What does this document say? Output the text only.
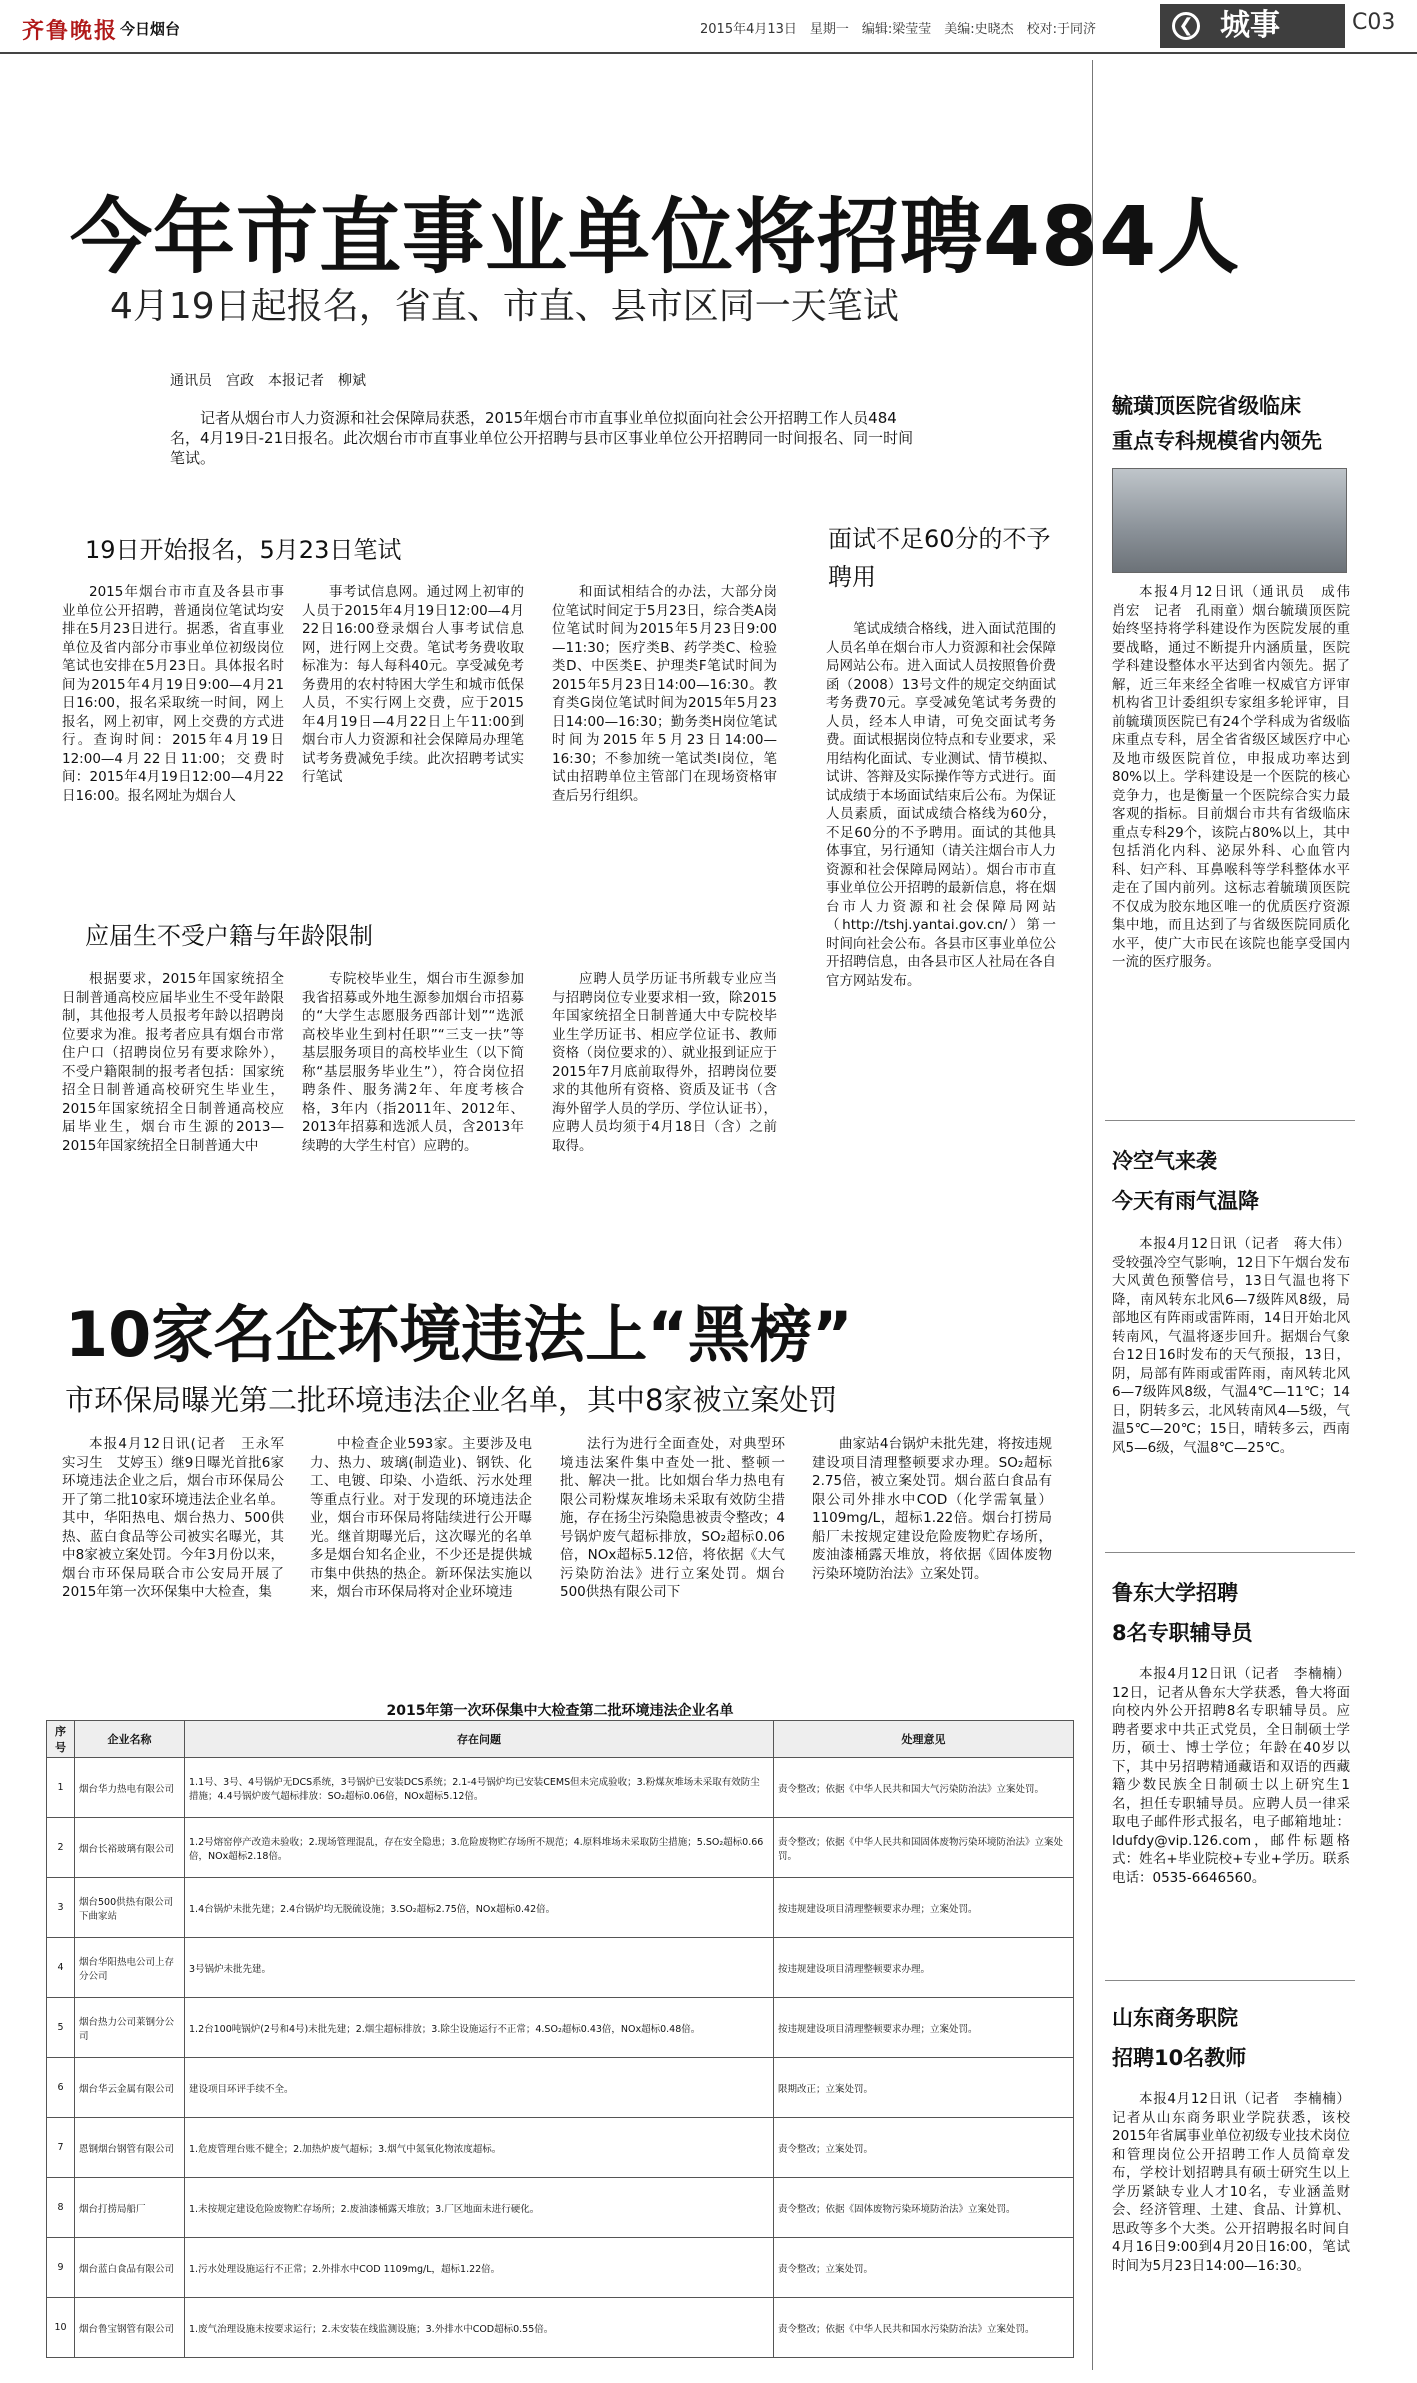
齐鲁晚报 今日烟台	2015年4月13日　星期一　编辑:梁莹莹　美编:史晓杰　校对:于同济	城事
❮	C03
今年市直事业单位将招聘484人
4月19日起报名，省直、市直、县市区同一天笔试
通讯员　宫政　本报记者　柳斌
记者从烟台市人力资源和社会保障局获悉，2015年烟台市市直事业单位拟面向社会公开招聘工作人员484名，4月19日-21日报名。此次烟台市市直事业单位公开招聘与县市区事业单位公开招聘同一时间报名、同一时间笔试。
19日开始报名，5月23日笔试	面试不足60分的不予聘用
2015年烟台市市直及各县市事业单位公开招聘，普通岗位笔试均安排在5月23日进行。据悉，省直事业单位及省内部分市事业单位初级岗位笔试也安排在5月23日。具体报名时间为2015年4月19日9:00—4月21日16:00，报名采取统一时间，网上报名，网上初审，网上交费的方式进行。查询时间：2015年4月19日12:00—4月22日11:00；交费时间：2015年4月19日12:00—4月22日16:00。报名网址为烟台人
事考试信息网。通过网上初审的人员于2015年4月19日12:00—4月22日16:00登录烟台人事考试信息网，进行网上交费。笔试考务费收取标准为：每人每科40元。享受减免考务费用的农村特困大学生和城市低保人员，不实行网上交费，应于2015年4月19日—4月22日上午11:00到烟台市人力资源和社会保障局办理笔试考务费减免手续。此次招聘考试实行笔试
和面试相结合的办法，大部分岗位笔试时间定于5月23日，综合类A岗位笔试时间为2015年5月23日9:00—11:30；医疗类B、药学类C、检验类D、中医类E、护理类F笔试时间为2015年5月23日14:00—16:30。教育类G岗位笔试时间为2015年5月23日14:00—16:30；勤务类H岗位笔试时间为2015年5月23日14:00—16:30；不参加统一笔试类I岗位，笔试由招聘单位主管部门在现场资格审查后另行组织。
笔试成绩合格线，进入面试范围的人员名单在烟台市人力资源和社会保障局网站公布。进入面试人员按照鲁价费函（2008）13号文件的规定交纳面试考务费70元。享受减免笔试考务费的人员，经本人申请，可免交面试考务费。面试根据岗位特点和专业要求，采用结构化面试、专业测试、情节模拟、试讲、答辩及实际操作等方式进行。面试成绩于本场面试结束后公布。为保证人员素质，面试成绩合格线为60分，不足60分的不予聘用。面试的其他具体事宜，另行通知（请关注烟台市人力资源和社会保障局网站）。烟台市市直事业单位公开招聘的最新信息，将在烟台市人力资源和社会保障局网站（http://tshj.yantai.gov.cn/）第一时间向社会公布。各县市区事业单位公开招聘信息，由各县市区人社局在各自官方网站发布。
应届生不受户籍与年龄限制
根据要求，2015年国家统招全日制普通高校应届毕业生不受年龄限制，其他报考人员报考年龄以招聘岗位要求为准。报考者应具有烟台市常住户口（招聘岗位另有要求除外），不受户籍限制的报考者包括：国家统招全日制普通高校研究生毕业生，2015年国家统招全日制普通高校应届毕业生，烟台市生源的2013—2015年国家统招全日制普通大中
专院校毕业生，烟台市生源参加我省招募或外地生源参加烟台市招募的“大学生志愿服务西部计划”“选派高校毕业生到村任职”“三支一扶”等基层服务项目的高校毕业生（以下简称“基层服务毕业生”），符合岗位招聘条件、服务满2年、年度考核合格，3年内（指2011年、2012年、2013年招募和选派人员，含2013年续聘的大学生村官）应聘的。
应聘人员学历证书所载专业应当与招聘岗位专业要求相一致，除2015年国家统招全日制普通大中专院校毕业生学历证书、相应学位证书、教师资格（岗位要求的）、就业报到证应于2015年7月底前取得外，招聘岗位要求的其他所有资格、资质及证书（含海外留学人员的学历、学位认证书），应聘人员均须于4月18日（含）之前取得。
10家名企环境违法上“黑榜”
市环保局曝光第二批环境违法企业名单，其中8家被立案处罚
本报4月12日讯(记者　王永军　实习生　艾婷玉）继9日曝光首批6家环境违法企业之后，烟台市环保局公开了第二批10家环境违法企业名单。其中，华阳热电、烟台热力、500供热、蓝白食品等公司被实名曝光，其中8家被立案处罚。今年3月份以来，烟台市环保局联合市公安局开展了2015年第一次环保集中大检查，集
中检查企业593家。主要涉及电力、热力、玻璃(制造业)、钢铁、化工、电镀、印染、小造纸、污水处理等重点行业。对于发现的环境违法企业，烟台市环保局将陆续进行公开曝光。继首期曝光后，这次曝光的名单多是烟台知名企业，不少还是提供城市集中供热的热企。新环保法实施以来，烟台市环保局将对企业环境违
法行为进行全面查处，对典型环境违法案件集中查处一批、整顿一批、解决一批。比如烟台华力热电有限公司粉煤灰堆场未采取有效防尘措施，存在扬尘污染隐患被责令整改；4号锅炉废气超标排放，SO₂超标0.06倍，NOx超标5.12倍，将依据《大气污染防治法》进行立案处罚。烟台500供热有限公司下
曲家站4台锅炉未批先建，将按违规建设项目清理整顿要求办理。SO₂超标2.75倍，被立案处罚。烟台蓝白食品有限公司外排水中COD（化学需氧量）1109mg/L，超标1.22倍。烟台打捞局船厂未按规定建设危险废物贮存场所，废油漆桶露天堆放，将依据《固体废物污染环境防治法》立案处罚。
2015年第一次环保集中大检查第二批环境违法企业名单
序号	企业名称	存在问题	处理意见
1	烟台华力热电有限公司	1.1号、3号、4号锅炉无DCS系统，3号锅炉已安装DCS系统；2.1-4号锅炉均已安装CEMS但未完成验收；3.粉煤灰堆场未采取有效防尘措施；4.4号锅炉废气超标排放：SO₂超标0.06倍，NOx超标5.12倍。	责令整改；依据《中华人民共和国大气污染防治法》立案处罚。
2	烟台长裕玻璃有限公司	1.2号熔窑停产改造未验收；2.现场管理混乱，存在安全隐患；3.危险废物贮存场所不规范；4.原料堆场未采取防尘措施；5.SO₂超标0.66倍，NOx超标2.18倍。	责令整改；依据《中华人民共和国固体废物污染环境防治法》立案处罚。
3	烟台500供热有限公司下曲家站	1.4台锅炉未批先建；2.4台锅炉均无脱硫设施；3.SO₂超标2.75倍，NOx超标0.42倍。	按违规建设项目清理整顿要求办理；立案处罚。
4	烟台华阳热电公司上存分公司	3号锅炉未批先建。	按违规建设项目清理整顿要求办理。
5	烟台热力公司莱钢分公司	1.2台100吨锅炉(2号和4号)未批先建；2.烟尘超标排放；3.除尘设施运行不正常；4.SO₂超标0.43倍，NOx超标0.48倍。	按违规建设项目清理整顿要求办理；立案处罚。
6	烟台华云金属有限公司	建设项目环评手续不全。	限期改正；立案处罚。
7	恩钢烟台钢管有限公司	1.危废管理台账不健全；2.加热炉废气超标；3.烟气中氮氧化物浓度超标。	责令整改；立案处罚。
8	烟台打捞局船厂	1.未按规定建设危险废物贮存场所；2.废油漆桶露天堆放；3.厂区地面未进行硬化。	责令整改；依据《固体废物污染环境防治法》立案处罚。
9	烟台蓝白食品有限公司	1.污水处理设施运行不正常；2.外排水中COD 1109mg/L，超标1.22倍。	责令整改；立案处罚。
10	烟台鲁宝钢管有限公司	1.废气治理设施未按要求运行；2.未安装在线监测设施；3.外排水中COD超标0.55倍。	责令整改；依据《中华人民共和国水污染防治法》立案处罚。
毓璜顶医院省级临床
重点专科规模省内领先
本报4月12日讯（通讯员　成伟　肖宏　记者　孔雨童）烟台毓璜顶医院始终坚持将学科建设作为医院发展的重要战略，通过不断提升内涵质量，医院学科建设整体水平达到省内领先。据了解，近三年来经全省唯一权威官方评审机构省卫计委组织专家组多轮评审，目前毓璜顶医院已有24个学科成为省级临床重点专科，居全省省级区域医疗中心及地市级医院首位，申报成功率达到80%以上。学科建设是一个医院的核心竞争力，也是衡量一个医院综合实力最客观的指标。目前烟台市共有省级临床重点专科29个，该院占80%以上，其中包括消化内科、泌尿外科、心血管内科、妇产科、耳鼻喉科等学科整体水平走在了国内前列。这标志着毓璜顶医院不仅成为胶东地区唯一的优质医疗资源集中地，而且达到了与省级医院同质化水平，使广大市民在该院也能享受国内一流的医疗服务。
冷空气来袭
今天有雨气温降
本报4月12日讯（记者　蒋大伟）受较强冷空气影响，12日下午烟台发布大风黄色预警信号，13日气温也将下降，南风转东北风6—7级阵风8级，局部地区有阵雨或雷阵雨，14日开始北风转南风，气温将逐步回升。据烟台气象台12日16时发布的天气预报，13日，阴，局部有阵雨或雷阵雨，南风转北风6—7级阵风8级，气温4℃—11℃；14日，阴转多云，北风转南风4—5级，气温5℃—20℃；15日，晴转多云，西南风5—6级，气温8℃—25℃。
鲁东大学招聘
8名专职辅导员
本报4月12日讯（记者　李楠楠）12日，记者从鲁东大学获悉，鲁大将面向校内外公开招聘8名专职辅导员。应聘者要求中共正式党员，全日制硕士学历，硕士、博士学位；年龄在40岁以下，其中另招聘精通藏语和双语的西藏籍少数民族全日制硕士以上研究生1名，担任专职辅导员。应聘人员一律采取电子邮件形式报名，电子邮箱地址：ldufdy@vip.126.com，邮件标题格式：姓名+毕业院校+专业+学历。联系电话：0535-6646560。
山东商务职院
招聘10名教师
本报4月12日讯（记者　李楠楠）记者从山东商务职业学院获悉，该校2015年省属事业单位初级专业技术岗位和管理岗位公开招聘工作人员简章发布，学校计划招聘具有硕士研究生以上学历紧缺专业人才10名，专业涵盖财会、经济管理、土建、食品、计算机、思政等多个大类。公开招聘报名时间自4月16日9:00到4月20日16:00，笔试时间为5月23日14:00—16:30。
